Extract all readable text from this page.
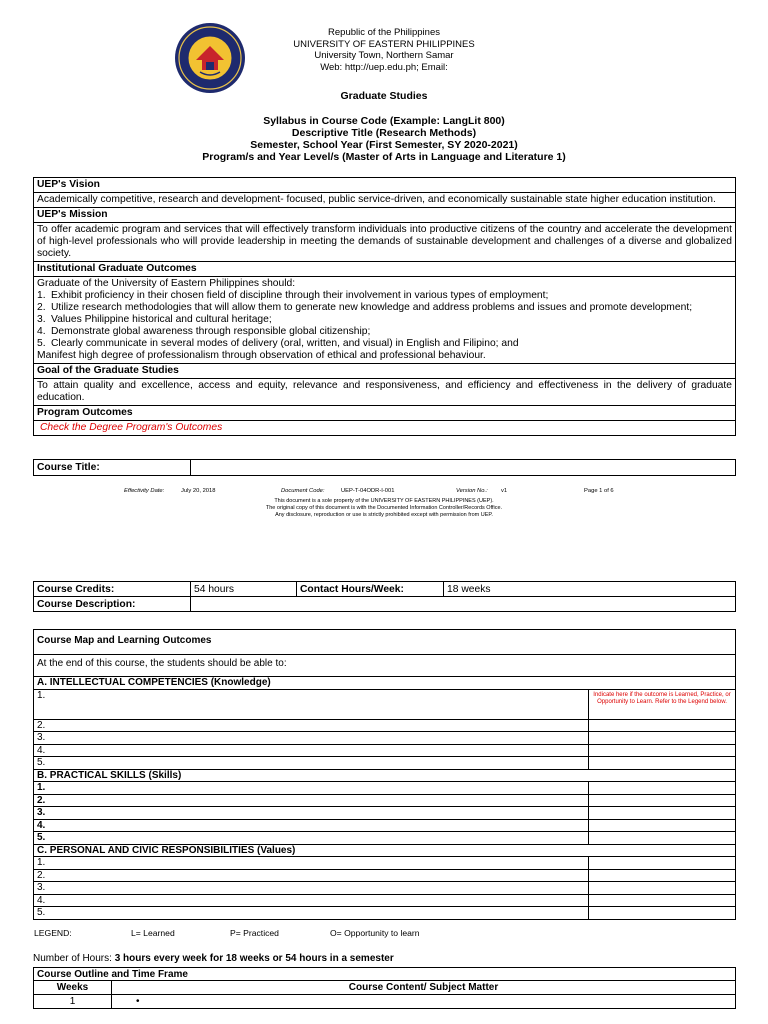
Republic of the Philippines
UNIVERSITY OF EASTERN PHILIPPINES
University Town, Northern Samar
Web: http://uep.edu.ph; Email:
Graduate Studies
Syllabus in Course Code (Example: LangLit 800)
Descriptive Title (Research Methods)
Semester, School Year (First Semester, SY 2020-2021)
Program/s and Year Level/s (Master of Arts in Language and Literature 1)
UEP's Vision
Academically competitive, research and development- focused, public service-driven, and economically sustainable state higher education institution.
UEP's Mission
To offer academic program and services that will effectively transform individuals into productive citizens of the country and accelerate the development of high-level professionals who will provide leadership in meeting the demands of sustainable development and challenges of a diverse and globalized society.
Institutional Graduate Outcomes
Graduate of the University of Eastern Philippines should:
1. Exhibit proficiency in their chosen field of discipline through their involvement in various types of employment;
2. Utilize research methodologies that will allow them to generate new knowledge and address problems and issues and promote development;
3. Values Philippine historical and cultural heritage;
4. Demonstrate global awareness through responsible global citizenship;
5. Clearly communicate in several modes of delivery (oral, written, and visual) in English and Filipino; and
Manifest high degree of professionalism through observation of ethical and professional behaviour.
Goal of the Graduate Studies
To attain quality and excellence, access and equity, relevance and responsiveness, and efficiency and effectiveness in the delivery of graduate education.
Program Outcomes
Check the Degree Program's Outcomes
Course Title:	
Effectivity Date:	July 20, 2018	Document Code:	UEP-T-04ODR-I-001	Version No.: v1	Page 1 of 6
This document is a sole property of the UNIVERSITY OF EASTERN PHILIPPINES (UEP).
The original copy of this document is with the Documented Information Controller/Records Office.
Any disclosure, reproduction or use is strictly prohibited except with permission from UEP.
Course Credits:	54 hours	Contact Hours/Week:	18 weeks
Course Description:			
Course Map and Learning Outcomes
At the end of this course, the students should be able to:
A. INTELLECTUAL COMPETENCIES (Knowledge)	
1.	Indicate here if the outcome is Learned, Practice, or Opportunity to Learn. Refer to the Legend below.
2.	
3.	
4.	
5.	
B. PRACTICAL SKILLS (Skills)	
1.	
2.	
3.	
4.	
5.	
C. PERSONAL AND CIVIC RESPONSIBILITIES (Values)	
1.	
2.	
3.	
4.	
5.	
LEGEND:	L= Learned	P= Practiced	O= Opportunity to learn
Number of Hours: 3 hours every week for 18 weeks or 54 hours in a semester
Course Outline and Time Frame	
Weeks	Course Content/ Subject Matter
1	•
